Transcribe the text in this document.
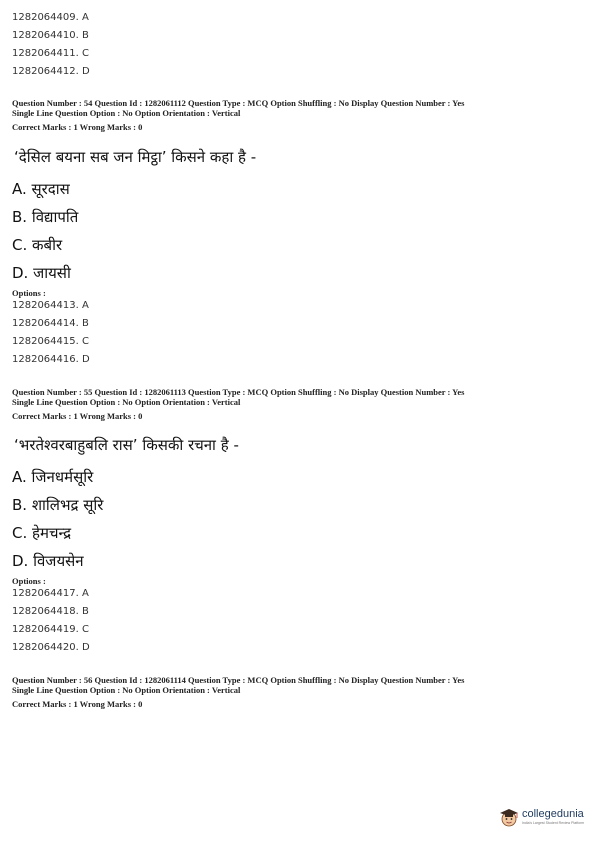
1282064409. A
1282064410. B
1282064411. C
1282064412. D
Question Number : 54 Question Id : 1282061112 Question Type : MCQ Option Shuffling : No Display Question Number : Yes
Single Line Question Option : No Option Orientation : Vertical
Correct Marks : 1 Wrong Marks : 0
‘देसिल बयना सब जन मिट्ठा’ किसने कहा है -
A. सूरदास
B. विद्यापति
C. कबीर
D. जायसी
Options :
1282064413. A
1282064414. B
1282064415. C
1282064416. D
Question Number : 55 Question Id : 1282061113 Question Type : MCQ Option Shuffling : No Display Question Number : Yes
Single Line Question Option : No Option Orientation : Vertical
Correct Marks : 1 Wrong Marks : 0
‘भरतेश्वरबाहुबलि रास’ किसकी रचना है -
A. जिनधर्मसूरि
B. शालिभद्र सूरि
C. हेमचन्द्र
D. विजयसेन
Options :
1282064417. A
1282064418. B
1282064419. C
1282064420. D
Question Number : 56 Question Id : 1282061114 Question Type : MCQ Option Shuffling : No Display Question Number : Yes
Single Line Question Option : No Option Orientation : Vertical
Correct Marks : 1 Wrong Marks : 0
collegedunia
India's Largest Student Review Platform
